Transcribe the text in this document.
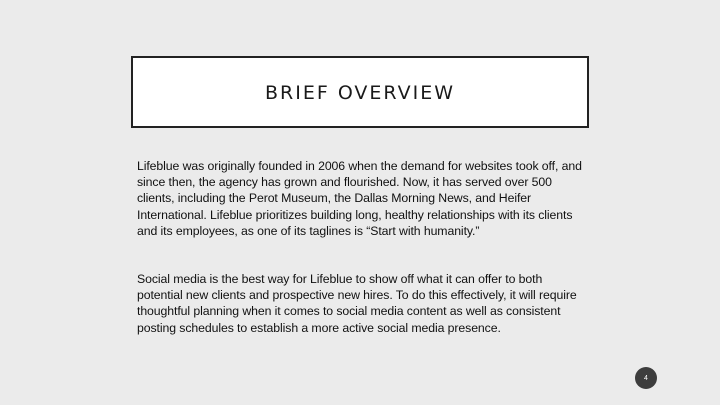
BRIEF OVERVIEW

Lifeblue was originally founded in 2006 when the demand for websites took off, and since then, the agency has grown and flourished. Now, it has served over 500 clients, including the Perot Museum, the Dallas Morning News, and Heifer International. Lifeblue prioritizes building long, healthy relationships with its clients and its employees, as one of its taglines is “Start with humanity.”

Social media is the best way for Lifeblue to show off what it can offer to both potential new clients and prospective new hires. To do this effectively, it will require thoughtful planning when it comes to social media content as well as consistent posting schedules to establish a more active social media presence.

4
